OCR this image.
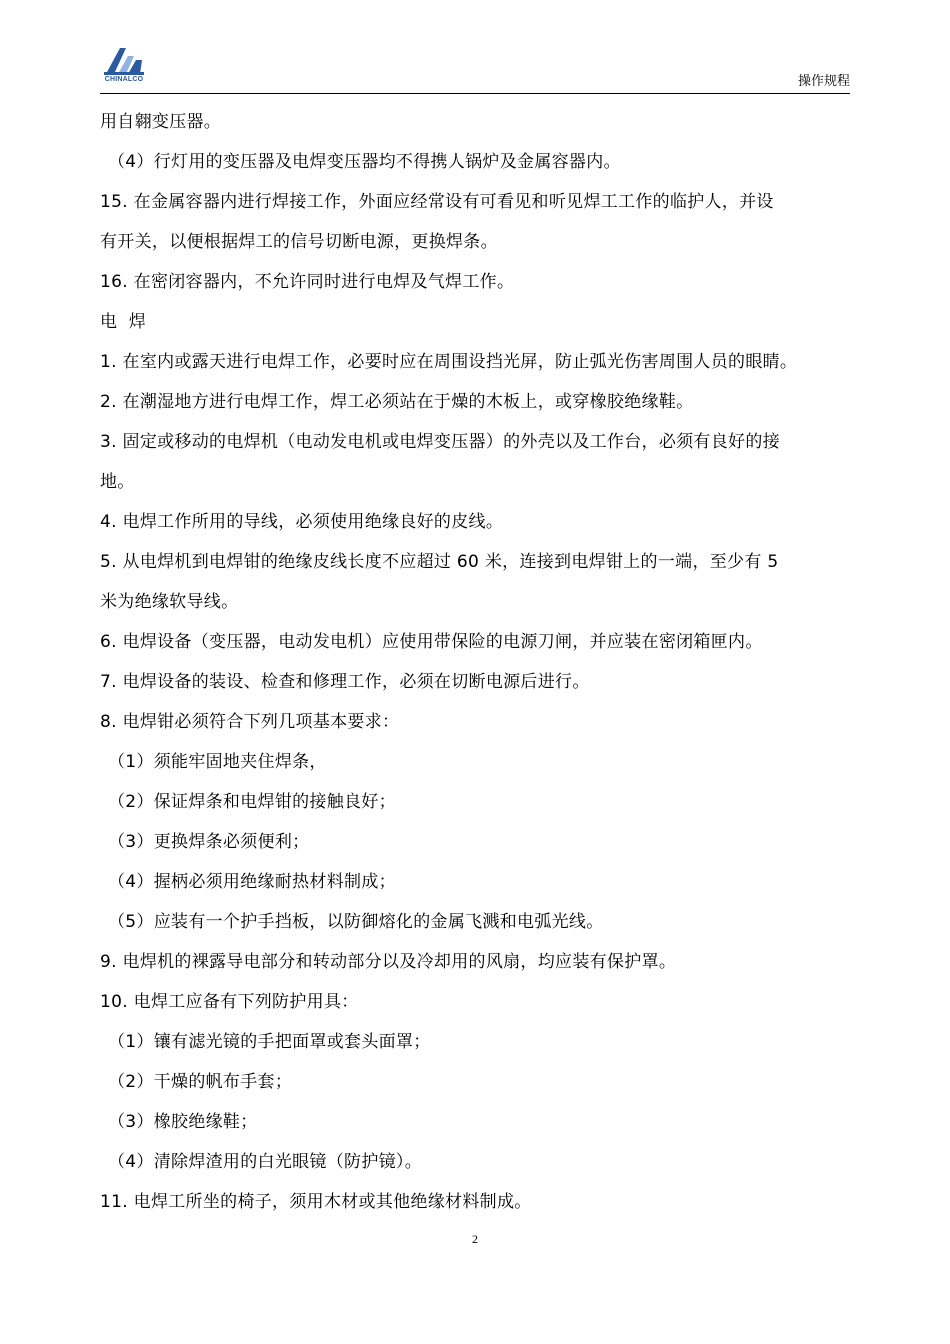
CHINALCO	操作规程
用自翱变压器。
（4）行灯用的变压器及电焊变压器均不得携人锅炉及金属容器内。
15. 在金属容器内进行焊接工作，外面应经常设有可看见和听见焊工工作的临护人，并设
有开关，以便根据焊工的信号切断电源，更换焊条。
16. 在密闭容器内，不允许同时进行电焊及气焊工作。
电  焊
1. 在室内或露天进行电焊工作，必要时应在周围设挡光屏，防止弧光伤害周围人员的眼睛。
2. 在潮湿地方进行电焊工作，焊工必须站在于燥的木板上，或穿橡胶绝缘鞋。
3. 固定或移动的电焊机（电动发电机或电焊变压器）的外壳以及工作台，必须有良好的接
地。
4. 电焊工作所用的导线，必须使用绝缘良好的皮线。
5. 从电焊机到电焊钳的绝缘皮线长度不应超过 60 米，连接到电焊钳上的一端，至少有 5
米为绝缘软导线。
6. 电焊设备（变压器，电动发电机）应使用带保险的电源刀闸，并应装在密闭箱匣内。
7. 电焊设备的装设、检查和修理工作，必须在切断电源后进行。
8. 电焊钳必须符合下列几项基本要求：
（1）须能牢固地夹住焊条，
（2）保证焊条和电焊钳的接触良好；
（3）更换焊条必须便利；
（4）握柄必须用绝缘耐热材料制成；
（5）应装有一个护手挡板，以防御熔化的金属飞溅和电弧光线。
9. 电焊机的裸露导电部分和转动部分以及冷却用的风扇，均应装有保护罩。
10. 电焊工应备有下列防护用具：
（1）镶有滤光镜的手把面罩或套头面罩；
（2）干燥的帆布手套；
（3）橡胶绝缘鞋；
（4）清除焊渣用的白光眼镜（防护镜）。
11. 电焊工所坐的椅子，须用木材或其他绝缘材料制成。
2
